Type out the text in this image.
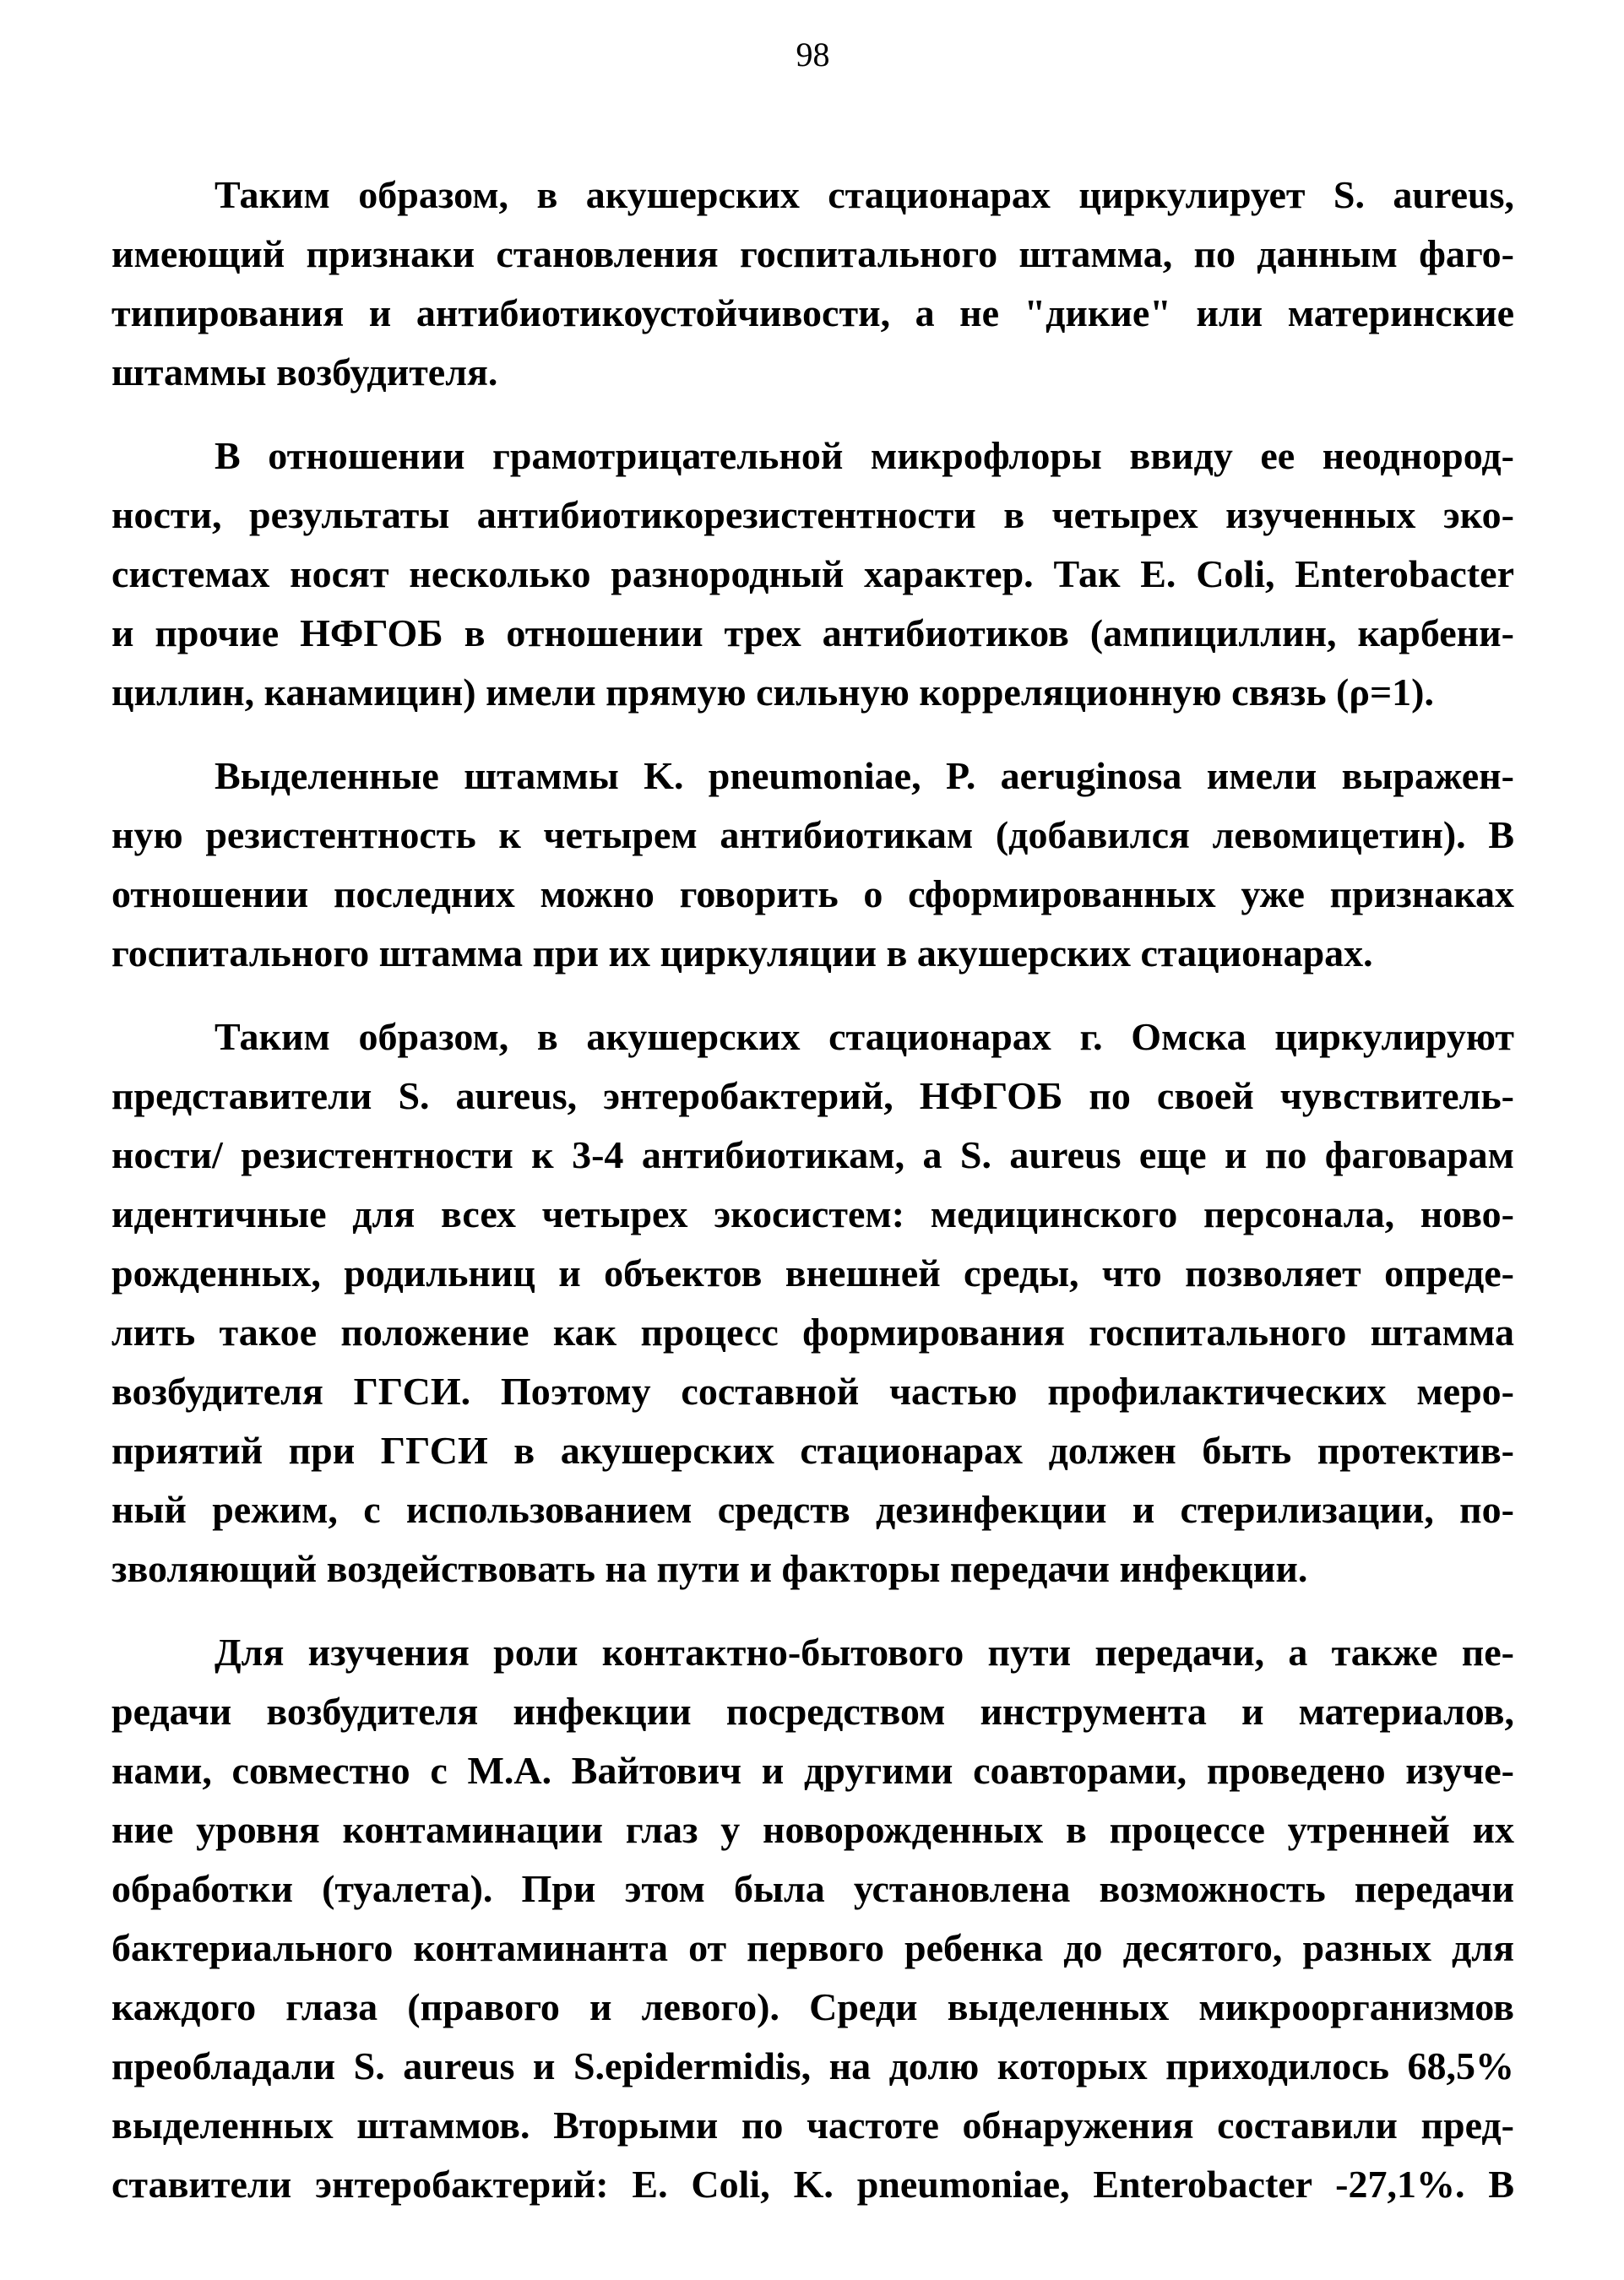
98
Таким образом, в акушерских стационарах циркулирует S. aureus,
имеющий признаки становления госпитального штамма, по данным фаго-
типирования и антибиотикоустойчивости, а не "дикие" или материнские
штаммы возбудителя.
В отношении грамотрицательной микрофлоры ввиду ее неоднород-
ности, результаты антибиотикорезистентности в четырех изученных эко-
системах носят несколько разнородный характер. Так E. Coli, Enterobacter
и прочие НФГОБ в отношении трех антибиотиков (ампициллин, карбени-
циллин, канамицин) имели прямую сильную корреляционную связь (ρ=1).
Выделенные штаммы K. pneumoniae, P. aeruginosa имели выражен-
ную резистентность к четырем антибиотикам (добавился левомицетин). В
отношении последних можно говорить о сформированных уже признаках
госпитального штамма при их циркуляции в акушерских стационарах.
Таким образом, в акушерских стационарах г. Омска циркулируют
представители S. aureus, энтеробактерий, НФГОБ по своей чувствитель-
ности/ резистентности к 3-4 антибиотикам, а S. aureus еще и по фаговарам
идентичные для всех четырех экосистем: медицинского персонала, ново-
рожденных, родильниц и объектов внешней среды, что позволяет опреде-
лить такое положение как процесс формирования госпитального штамма
возбудителя ГГСИ. Поэтому составной частью профилактических меро-
приятий при ГГСИ в акушерских стационарах должен быть протектив-
ный режим, с использованием средств дезинфекции и стерилизации, по-
зволяющий воздействовать на пути и факторы передачи инфекции.
Для изучения роли контактно-бытового пути передачи, а также пе-
редачи возбудителя инфекции посредством инструмента и материалов,
нами, совместно с М.А. Вайтович и другими соавторами, проведено изуче-
ние уровня контаминации глаз у новорожденных в процессе утренней их
обработки (туалета). При этом была установлена возможность передачи
бактериального контаминанта от первого ребенка до десятого, разных для
каждого глаза (правого и левого). Среди выделенных микроорганизмов
преобладали S. aureus и S.epidermidis, на долю которых приходилось 68,5%
выделенных штаммов. Вторыми по частоте обнаружения составили пред-
ставители энтеробактерий: E. Coli, K. pneumoniae, Enterobacter -27,1%. В
